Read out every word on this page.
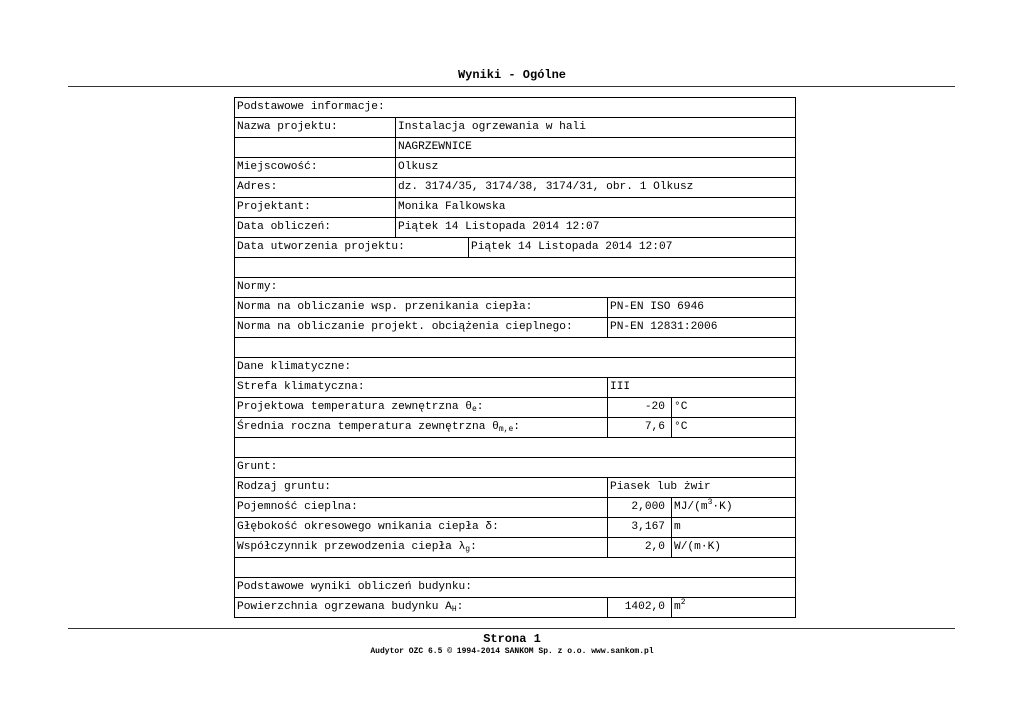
Wyniki - Ogólne
Podstawowe informacje:
Nazwa projektu:	Instalacja ogrzewania w hali
NAGRZEWNICE
Miejscowość:	Olkusz
Adres:	dz. 3174/35, 3174/38, 3174/31, obr. 1 Olkusz
Projektant:	Monika Falkowska
Data obliczeń:	Piątek 14 Listopada 2014 12:07
Data utworzenia projektu:	Piątek 14 Listopada 2014 12:07
Normy:
Norma na obliczanie wsp. przenikania ciepła:	PN-EN ISO 6946
Norma na obliczanie projekt. obciążenia cieplnego:	PN-EN 12831:2006
Dane klimatyczne:
Strefa klimatyczna:	III
Projektowa temperatura zewnętrzna $\theta_e$:	-20 °C
Średnia roczna temperatura zewnętrzna $\theta_{m,e}$:	7,6 °C
Grunt:
Rodzaj gruntu:	Piasek lub żwir
Pojemność cieplna:	2,000 $MJ/(m^3\cdot K)$
Głębokość okresowego wnikania ciepła δ:	3,167 m
Współczynnik przewodzenia ciepła $\lambda_g$:	2,0 W/(m·K)
Podstawowe wyniki obliczeń budynku:
Powierzchnia ogrzewana budynku $A_H$:	1402,0 $m^2$
Strona 1
Audytor OZC 6.5 © 1994-2014 SANKOM Sp. z o.o. www.sankom.pl
